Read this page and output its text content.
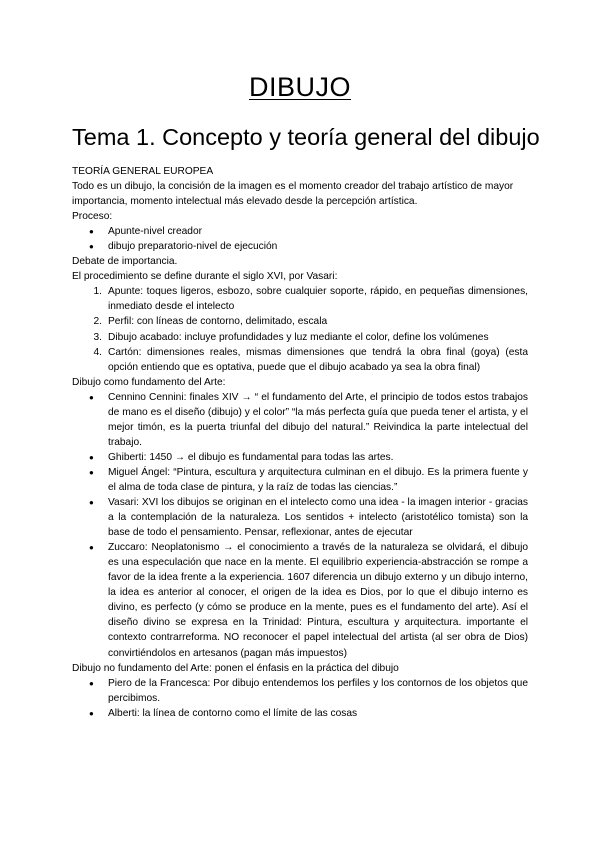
DIBUJO
Tema 1. Concepto y teoría general del dibujo

TEORÍA GENERAL EUROPEA

Todo es un dibujo, la concisión de la imagen es el momento creador del trabajo artístico de mayor importancia, momento intelectual más elevado desde la percepción artística.

Proceso:

● Apunte-nivel creador
● dibujo preparatorio-nivel de ejecución

Debate de importancia.

El procedimiento se define durante el siglo XVI, por Vasari:

1. Apunte: toques ligeros, esbozo, sobre cualquier soporte, rápido, en pequeñas dimensiones, inmediato desde el intelecto
2. Perfil: con líneas de contorno, delimitado, escala
3. Dibujo acabado: incluye profundidades y luz mediante el color, define los volúmenes
4. Cartón: dimensiones reales, mismas dimensiones que tendrá la obra final (goya) (esta opción entiendo que es optativa, puede que el dibujo acabado ya sea la obra final)

Dibujo como fundamento del Arte:

● Cennino Cennini: finales XIV → “ el fundamento del Arte, el principio de todos estos trabajos de mano es el diseño (dibujo) y el color” “la más perfecta guía que pueda tener el artista, y el mejor timón, es la puerta triunfal del dibujo del natural.” Reivindica la parte intelectual del trabajo.
● Ghiberti: 1450 → el dibujo es fundamental para todas las artes.
● Miguel Ángel: “Pintura, escultura y arquitectura culminan en el dibujo. Es la primera fuente y el alma de toda clase de pintura, y la raíz de todas las ciencias.”
● Vasari: XVI los dibujos se originan en el intelecto como una idea - la imagen interior - gracias a la contemplación de la naturaleza. Los sentidos + intelecto (aristotélico tomista) son la base de todo el pensamiento. Pensar, reflexionar, antes de ejecutar
● Zuccaro: Neoplatonismo → el conocimiento a través de la naturaleza se olvidará, el dibujo es una especulación que nace en la mente. El equilibrio experiencia-abstracción se rompe a favor de la idea frente a la experiencia. 1607 diferencia un dibujo externo y un dibujo interno, la idea es anterior al conocer, el origen de la idea es Dios, por lo que el dibujo interno es divino, es perfecto (y cómo se produce en la mente, pues es el fundamento del arte). Así el diseño divino se expresa en la Trinidad: Pintura, escultura y arquitectura. importante el contexto contrarreforma. NO reconocer el papel intelectual del artista (al ser obra de Dios) convirtiéndolos en artesanos (pagan más impuestos)

Dibujo no fundamento del Arte: ponen el énfasis en la práctica del dibujo

● Piero de la Francesca: Por dibujo entendemos los perfiles y los contornos de los objetos que percibimos.
● Alberti: la línea de contorno como el límite de las cosas
